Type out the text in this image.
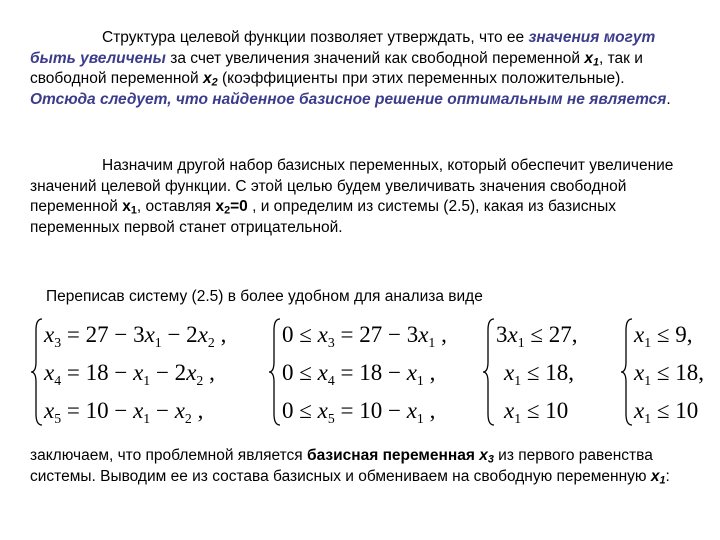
Структура целевой функции позволяет утверждать, что ее значения могут быть увеличены за счет увеличения значений как свободной переменной $x_1$, так и свободной переменной $x_2$ (коэффициенты при этих переменных положительные). Отсюда следует, что найденное базисное решение оптимальным не является.

Назначим другой набор базисных переменных, который обеспечит увеличение значений целевой функции. С этой целью будем увеличивать значения свободной переменной $x_1$, оставляя $x_2=0$ , и определим из системы (2.5), какая из базисных переменных первой станет отрицательной.

Переписав систему (2.5) в более удобном для анализа виде

$x_3 = 27 - 3x_1 - 2x_2$ ,
$x_4 = 18 - x_1 - 2x_2$ ,
$x_5 = 10 - x_1 - x_2$ ,
$0 \le x_3 = 27 - 3x_1$ ,
$0 \le x_4 = 18 - x_1$ ,
$0 \le x_5 = 10 - x_1$ ,
$3x_1 \le 27$,
$x_1 \le 18$,
$x_1 \le 10$
$x_1 \le 9$,
$x_1 \le 18$,
$x_1 \le 10$

заключаем, что проблемной является базисная переменная $x_3$ из первого равенства системы. Выводим ее из состава базисных и обмениваем на свободную переменную $x_1$:
